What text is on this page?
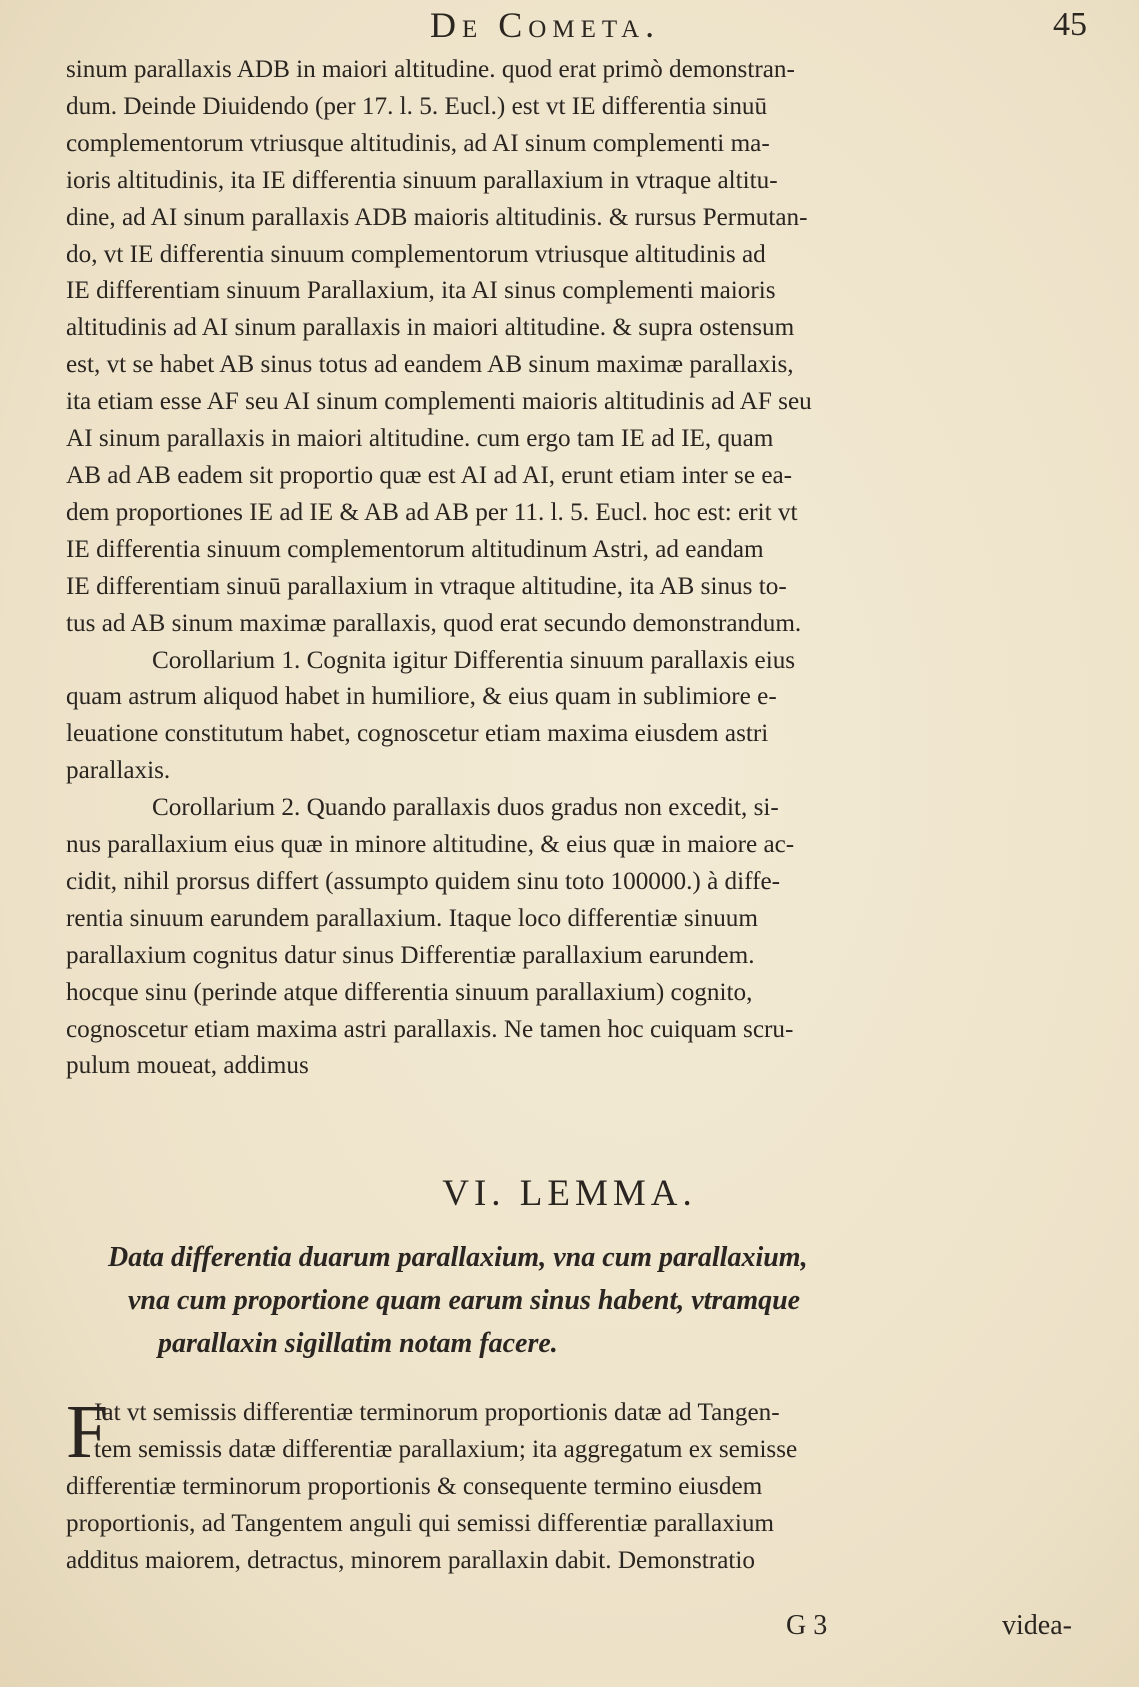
De Cometa.	45
sinum parallaxis ADB in maiori altitudine. quod erat primò demonstran-
dum. Deinde Diuidendo (per 17. l. 5. Eucl.) est vt IE differentia sinuū
complementorum vtriusque altitudinis, ad AI sinum complementi ma-
ioris altitudinis, ita IE differentia sinuum parallaxium in vtraque altitu-
dine, ad AI sinum parallaxis ADB maioris altitudinis. & rursus Permutan-
do, vt IE differentia sinuum complementorum vtriusque altitudinis ad
IE differentiam sinuum Parallaxium, ita AI sinus complementi maioris
altitudinis ad AI sinum parallaxis in maiori altitudine. & supra ostensum
est, vt se habet AB sinus totus ad eandem AB sinum maximæ parallaxis,
ita etiam esse AF seu AI sinum complementi maioris altitudinis ad AF seu
AI sinum parallaxis in maiori altitudine. cum ergo tam IE ad IE, quam
AB ad AB eadem sit proportio quæ est AI ad AI, erunt etiam inter se ea-
dem proportiones IE ad IE & AB ad AB per 11. l. 5. Eucl. hoc est: erit vt
IE differentia sinuum complementorum altitudinum Astri, ad eandam
IE differentiam sinuū parallaxium in vtraque altitudine, ita AB sinus to-
tus ad AB sinum maximæ parallaxis, quod erat secundo demonstrandum.
Corollarium 1. Cognita igitur Differentia sinuum parallaxis eius
quam astrum aliquod habet in humiliore, & eius quam in sublimiore e-
leuatione constitutum habet, cognoscetur etiam maxima eiusdem astri
parallaxis.
Corollarium 2. Quando parallaxis duos gradus non excedit, si-
nus parallaxium eius quæ in minore altitudine, & eius quæ in maiore ac-
cidit, nihil prorsus differt (assumpto quidem sinu toto 100000.) à diffe-
rentia sinuum earundem parallaxium. Itaque loco differentiæ sinuum
parallaxium cognitus datur sinus Differentiæ parallaxium earundem.
hocque sinu (perinde atque differentia sinuum parallaxium) cognito,
cognoscetur etiam maxima astri parallaxis. Ne tamen hoc cuiquam scru-
pulum moueat, addimus
VI. LEMMA.
Data differentia duarum parallaxium, vna cum parallaxium,
vna cum proportione quam earum sinus habent, vtramque
parallaxin sigillatim notam facere.
F
Iat vt semissis differentiæ terminorum proportionis datæ ad Tangen-
tem semissis datæ differentiæ parallaxium; ita aggregatum ex semisse
differentiæ terminorum proportionis & consequente termino eiusdem
proportionis, ad Tangentem anguli qui semissi differentiæ parallaxium
additus maiorem, detractus, minorem parallaxin dabit. Demonstratio
G 3	videa-
